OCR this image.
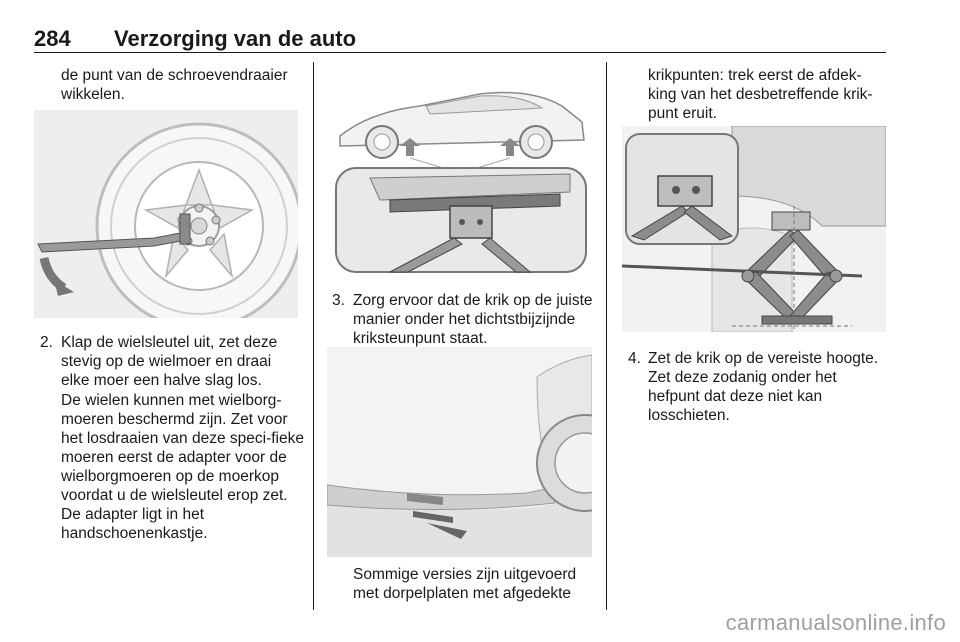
284 Verzorging van de auto
de punt van de schroevendraaier wikkelen.
2. Klap de wielsleutel uit, zet deze stevig op de wielmoer en draai elke moer een halve slag los.
De wielen kunnen met wielborg-moeren beschermd zijn. Zet voor het losdraaien van deze speci-fieke moeren eerst de adapter voor de wielborgmoeren op de moerkop voordat u de wielsleutel erop zet. De adapter ligt in het handschoenenkastje.
3. Zorg ervoor dat de krik op de juiste manier onder het dichtstbijzijnde kriksteunpunt staat.
Sommige versies zijn uitgevoerd met dorpelplaten met afgedekte
krikpunten: trek eerst de afdek-king van het desbetreffende krik-punt eruit.
4. Zet de krik op de vereiste hoogte. Zet deze zodanig onder het hefpunt dat deze niet kan losschieten.
carmanualsonline.info
